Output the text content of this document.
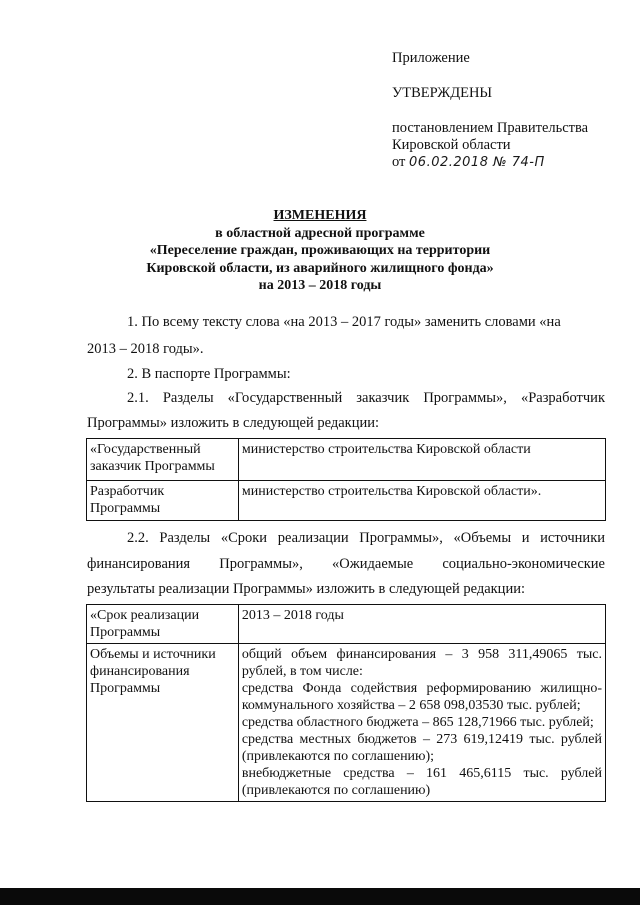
Приложение
УТВЕРЖДЕНЫ
постановлением Правительства
Кировской области
от 06.02.2018 № 74-П
ИЗМЕНЕНИЯ
в областной адресной программе
«Переселение граждан, проживающих на территории
Кировской области, из аварийного жилищного фонда»
на 2013 – 2018 годы
1. По всему тексту слова «на 2013 – 2017 годы» заменить словами «на
2013 – 2018 годы».
2. В паспорте Программы:
2.1. Разделы «Государственный заказчик Программы», «Разработчик
Программы» изложить в следующей редакции:
«Государственный заказчик Программы	министерство строительства Кировской области
Разработчик Программы	министерство строительства Кировской области».
2.2. Разделы «Сроки реализации Программы», «Объемы и источники
финансирования Программы», «Ожидаемые социально-экономические
результаты реализации Программы» изложить в следующей редакции:
«Срок реализации Программы	2013 – 2018 годы
Объемы и источники финансирования Программы	общий объем финансирования – 3 958 311,49065 тыс. рублей, в том числе:
средства Фонда содействия реформированию жилищно-коммунального хозяйства – 2 658 098,03530 тыс. рублей;
средства областного бюджета – 865 128,71966 тыс. рублей;
средства местных бюджетов – 273 619,12419 тыс. рублей (привлекаются по соглашению);
внебюджетные средства – 161 465,6115 тыс. рублей (привлекаются по соглашению)
